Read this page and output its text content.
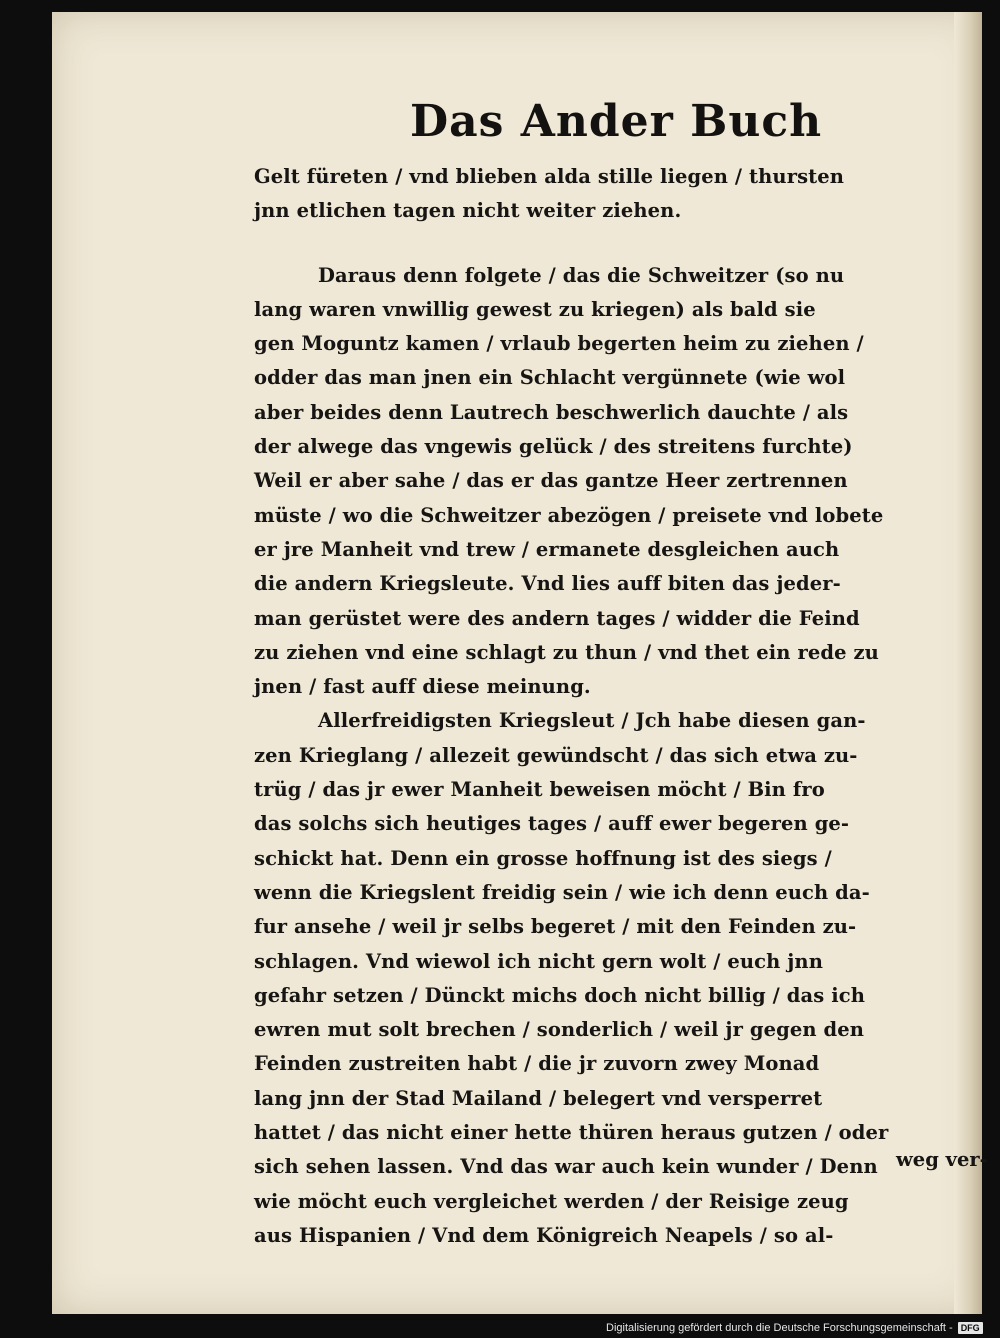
Das Ander Buch
Gelt füreten / vnd blieben alda stille liegen / thursten
jnn etlichen tagen nicht weiter ziehen.
Daraus denn folgete / das die Schweitzer (so nu
lang waren vnwillig gewest zu kriegen) als bald sie
gen Moguntz kamen / vrlaub begerten heim zu ziehen /
odder das man jnen ein Schlacht vergünnete (wie wol
aber beides denn Lautrech beschwerlich dauchte / als
der alwege das vngewis gelück / des streitens furchte)
Weil er aber sahe / das er das gantze Heer zertrennen
müste / wo die Schweitzer abezögen / preisete vnd lobete
er jre Manheit vnd trew / ermanete desgleichen auch
die andern Kriegsleute. Vnd lies auff biten das jeder-
man gerüstet were des andern tages / widder die Feind
zu ziehen vnd eine schlagt zu thun / vnd thet ein rede zu
jnen / fast auff diese meinung.
Allerfreidigsten Kriegsleut / Jch habe diesen gan-
zen Krieglang / allezeit gewündscht / das sich etwa zu-
trüg / das jr ewer Manheit beweisen möcht / Bin fro
das solchs sich heutiges tages / auff ewer begeren ge-
schickt hat. Denn ein grosse hoffnung ist des siegs /
wenn die Kriegslent freidig sein / wie ich denn euch da-
fur ansehe / weil jr selbs begeret / mit den Feinden zu-
schlagen. Vnd wiewol ich nicht gern wolt / euch jnn
gefahr setzen / Dünckt michs doch nicht billig / das ich
ewren mut solt brechen / sonderlich / weil jr gegen den
Feinden zustreiten habt / die jr zuvorn zwey Monad
lang jnn der Stad Mailand / belegert vnd versperret
hattet / das nicht einer hette thüren heraus gutzen / oder
sich sehen lassen. Vnd das war auch kein wunder / Denn
wie möcht euch vergleichet werden / der Reisige zeug
aus Hispanien / Vnd dem Königreich Neapels / so al-
weg ver-
Digitalisierung gefördert durch die Deutsche Forschungsgemeinschaft - DFG
